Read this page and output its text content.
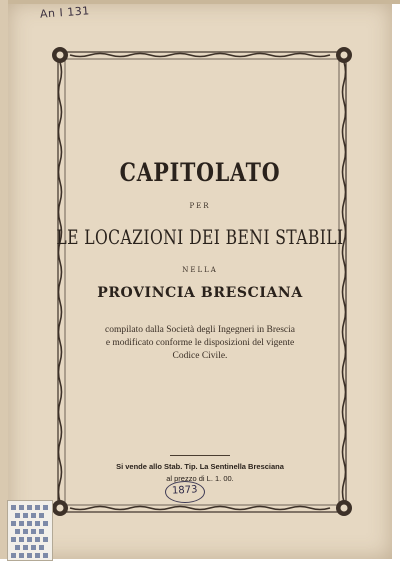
An I 131
CAPITOLATO
PER
LE LOCAZIONI DEI BENI STABILI
NELLA
PROVINCIA BRESCIANA
compilato dalla Società degli Ingegneri in Brescia
e modificato conforme le disposizioni del vigente
Codice Civile.
Si vende allo Stab. Tip. La Sentinella Bresciana
al prezzo di L. 1. 00.
1873
